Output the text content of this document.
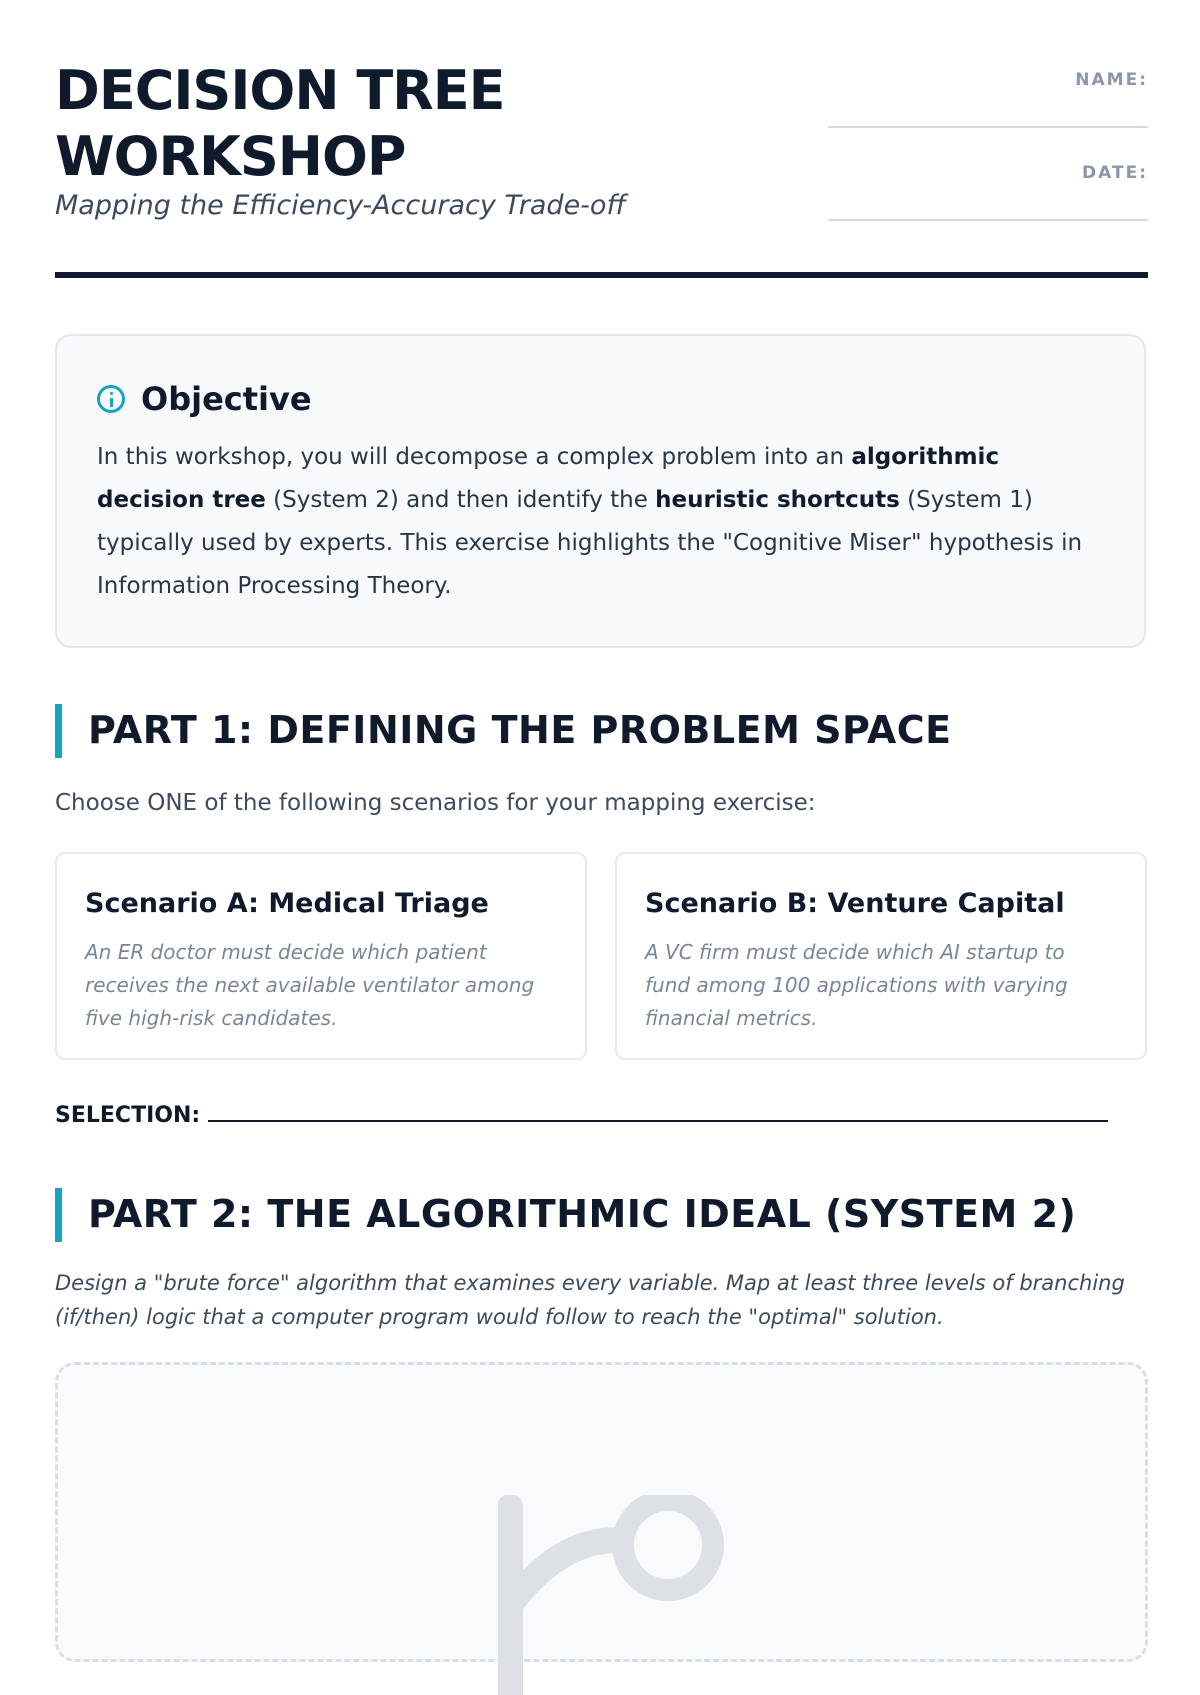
DECISION TREE WORKSHOP
Mapping the Efficiency-Accuracy Trade-off
NAME:
DATE:
Objective
In this workshop, you will decompose a complex problem into an algorithmic decision tree (System 2) and then identify the heuristic shortcuts (System 1) typically used by experts. This exercise highlights the "Cognitive Miser" hypothesis in Information Processing Theory.
PART 1: DEFINING THE PROBLEM SPACE
Choose ONE of the following scenarios for your mapping exercise:
Scenario A: Medical Triage
An ER doctor must decide which patient receives the next available ventilator among five high-risk candidates.
Scenario B: Venture Capital
A VC firm must decide which AI startup to fund among 100 applications with varying financial metrics.
SELECTION:
PART 2: THE ALGORITHMIC IDEAL (SYSTEM 2)
Design a "brute force" algorithm that examines every variable. Map at least three levels of branching (if/then) logic that a computer program would follow to reach the "optimal" solution.
